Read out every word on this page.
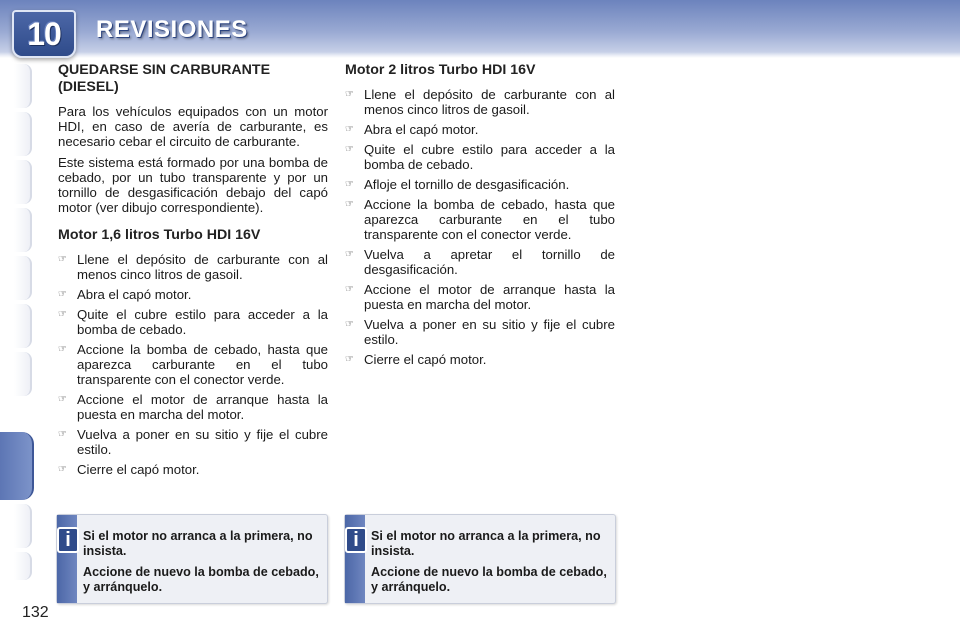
10 REVISIONES
QUEDARSE SIN CARBURANTE (DIESEL)

Para los vehículos equipados con un motor HDI, en caso de avería de carburante, es necesario cebar el circuito de carburante.

Este sistema está formado por una bomba de cebado, por un tubo transparente y por un tornillo de desgasificación debajo del capó motor (ver dibujo correspondiente).

Motor 1,6 litros Turbo HDI 16V
☞ Llene el depósito de carburante con al menos cinco litros de gasoil.
☞ Abra el capó motor.
☞ Quite el cubre estilo para acceder a la bomba de cebado.
☞ Accione la bomba de cebado, hasta que aparezca carburante en el tubo transparente con el conector verde.
☞ Accione el motor de arranque hasta la puesta en marcha del motor.
☞ Vuelva a poner en su sitio y fije el cubre estilo.
☞ Cierre el capó motor.
Motor 2 litros Turbo HDI 16V
☞ Llene el depósito de carburante con al menos cinco litros de gasoil.
☞ Abra el capó motor.
☞ Quite el cubre estilo para acceder a la bomba de cebado.
☞ Afloje el tornillo de desgasificación.
☞ Accione la bomba de cebado, hasta que aparezca carburante en el tubo transparente con el conector verde.
☞ Vuelva a apretar el tornillo de desgasificación.
☞ Accione el motor de arranque hasta la puesta en marcha del motor.
☞ Vuelva a poner en su sitio y fije el cubre estilo.
☞ Cierre el capó motor.
i Si el motor no arranca a la primera, no insista.

Accione de nuevo la bomba de cebado, y arránquelo.

i Si el motor no arranca a la primera, no insista.

Accione de nuevo la bomba de cebado, y arránquelo.

132
